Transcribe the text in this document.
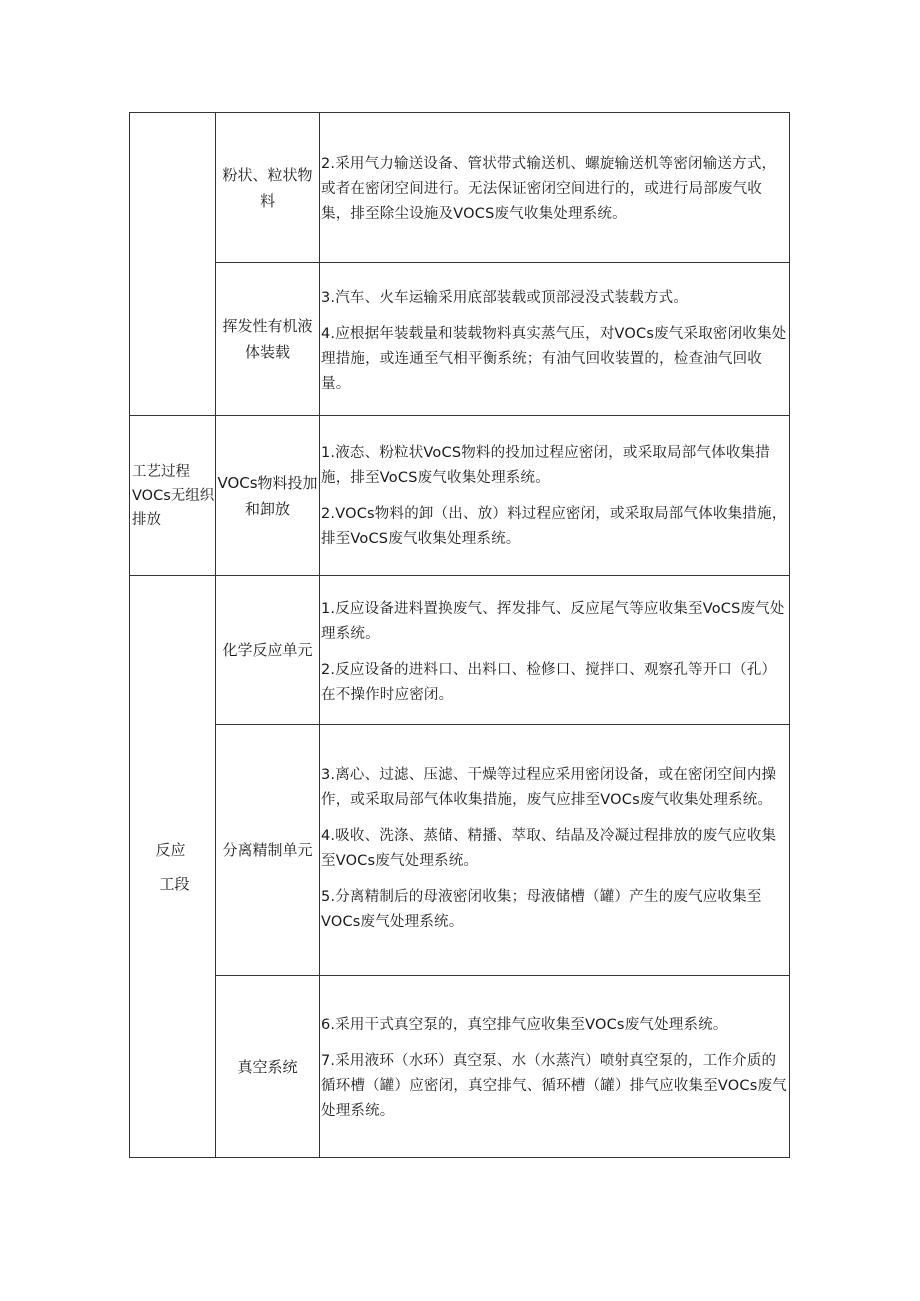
工艺过程
VOCs无组织
排放
反应
工段
粉状、粒状物
料
挥发性有机液
体装载
VOCs物料投加
和卸放
化学反应单元
分离精制单元
真空系统

2.采用气力输送设备、管状带式输送机、螺旋输送机等密闭输送方式，或者在密闭空间进行。无法保证密闭空间进行的，或进行局部废气收集，排至除尘设施及VOCS废气收集处理系统。

3.汽车、火车运输采用底部装载或顶部浸没式装载方式。

4.应根据年装载量和装载物料真实蒸气压，对VOCs废气采取密闭收集处理措施，或连通至气相平衡系统；有油气回收装置的，检查油气回收量。

1.液态、粉粒状VoCS物料的投加过程应密闭，或采取局部气体收集措施，排至VoCS废气收集处理系统。

2.VOCs物料的卸（出、放）料过程应密闭，或采取局部气体收集措施，排至VoCS废气收集处理系统。

1.反应设备进料置换废气、挥发排气、反应尾气等应收集至VoCS废气处理系统。

2.反应设备的进料口、出料口、检修口、搅拌口、观察孔等开口（孔）在不操作时应密闭。

3.离心、过滤、压滤、干燥等过程应采用密闭设备，或在密闭空间内操作，或采取局部气体收集措施，废气应排至VOCs废气收集处理系统。

4.吸收、洗涤、蒸储、精播、萃取、结晶及冷凝过程排放的废气应收集至VOCs废气处理系统。

5.分离精制后的母液密闭收集；母液储槽（罐）产生的废气应收集至VOCs废气处理系统。

6.采用干式真空泵的，真空排气应收集至VOCs废气处理系统。

7.采用液环（水环）真空泵、水（水蒸汽）喷射真空泵的，工作介质的循环槽（罐）应密闭，真空排气、循环槽（罐）排气应收集至VOCs废气处理系统。
